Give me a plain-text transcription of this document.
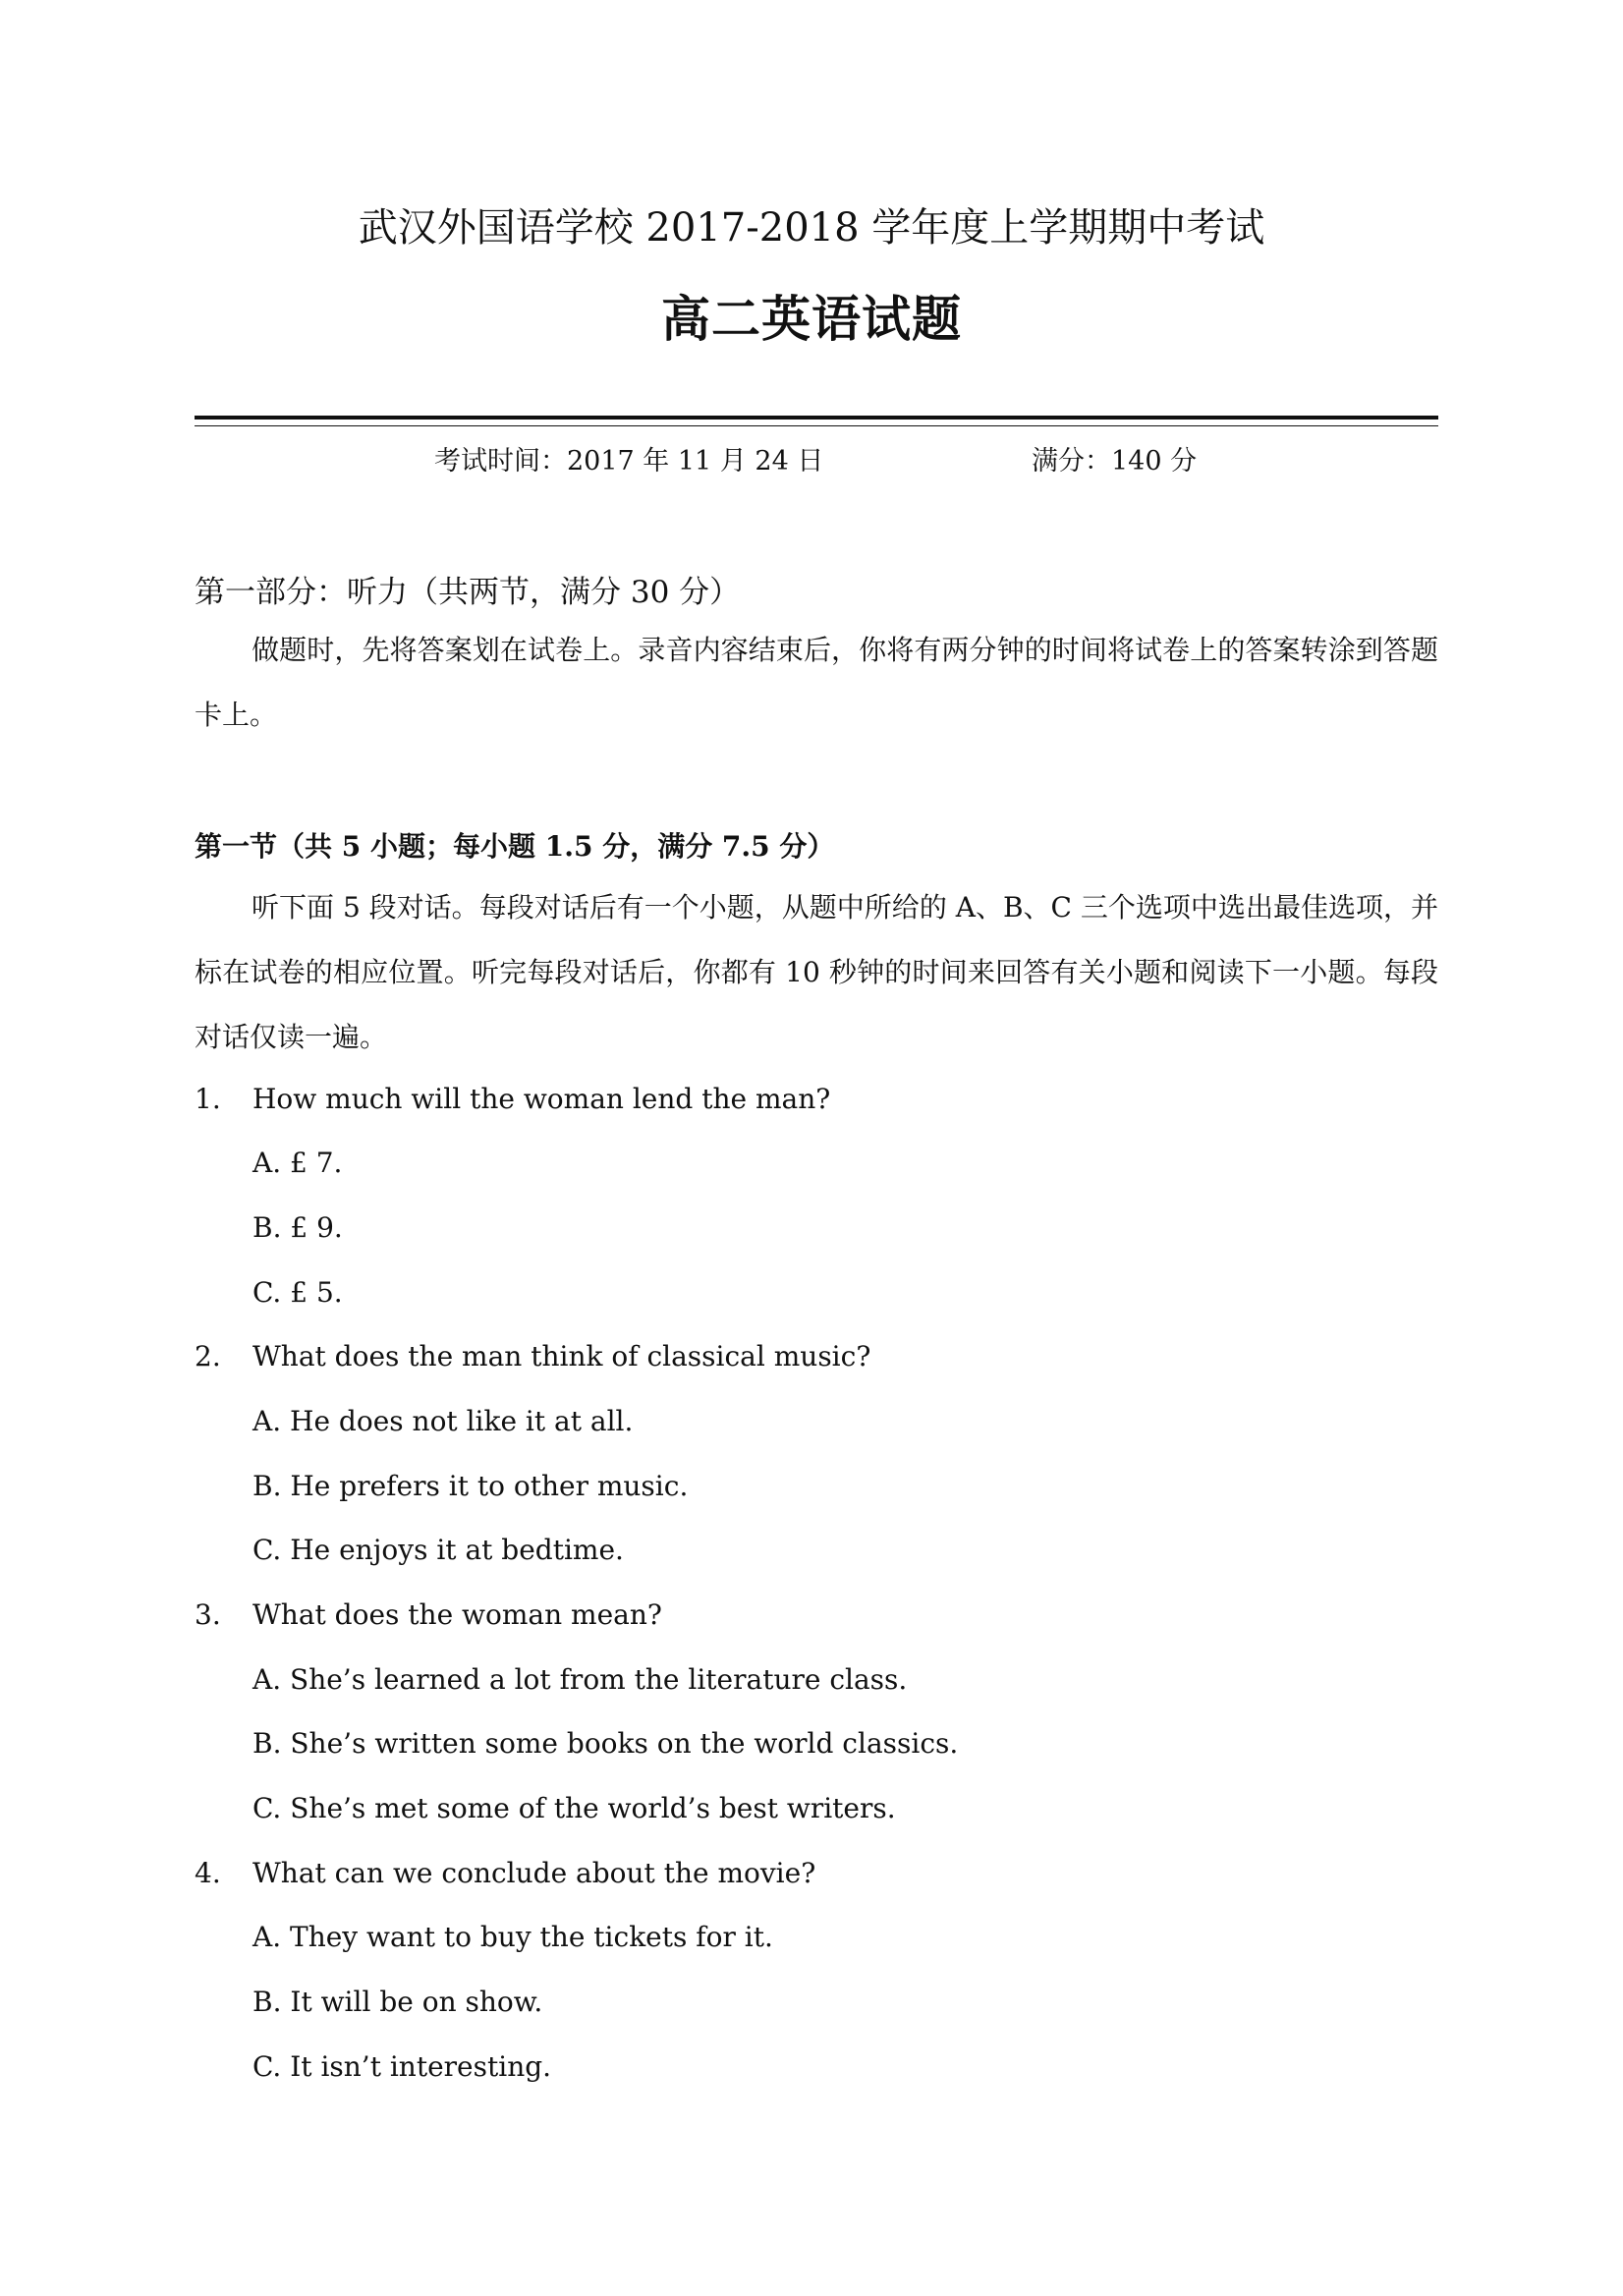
武汉外国语学校 2017-2018 学年度上学期期中考试
高二英语试题
考试时间：2017 年 11 月 24 日	满分：140 分
第一部分：听力（共两节，满分 30 分）
做题时，先将答案划在试卷上。录音内容结束后，你将有两分钟的时间将试卷上的答案转涂到答题卡上。
第一节（共 5 小题；每小题 1.5 分，满分 7.5 分）
听下面 5 段对话。每段对话后有一个小题，从题中所给的 A、B、C 三个选项中选出最佳选项，并标在试卷的相应位置。听完每段对话后，你都有 10 秒钟的时间来回答有关小题和阅读下一小题。每段对话仅读一遍。
1. How much will the woman lend the man?
A. £ 7.
B. £ 9.
C. £ 5.
2. What does the man think of classical music?
A. He does not like it at all.
B. He prefers it to other music.
C. He enjoys it at bedtime.
3. What does the woman mean?
A. She’s learned a lot from the literature class.
B. She’s written some books on the world classics.
C. She’s met some of the world’s best writers.
4. What can we conclude about the movie?
A. They want to buy the tickets for it.
B. It will be on show.
C. It isn’t interesting.
